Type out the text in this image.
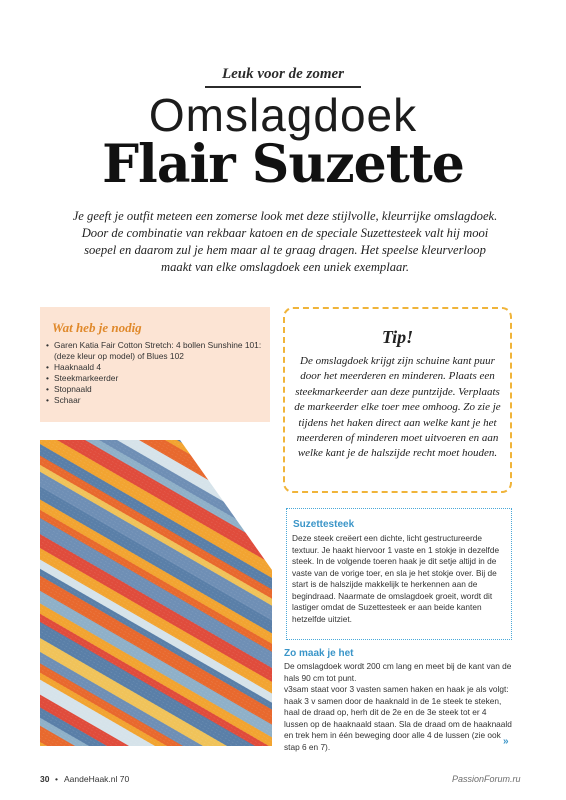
Leuk voor de zomer
Omslagdoek
Flair Suzette
Je geeft je outfit meteen een zomerse look met deze stijlvolle, kleurrijke omslagdoek. Door de combinatie van rekbaar katoen en de speciale Suzettesteek valt hij mooi soepel en daarom zul je hem maar al te graag dragen. Het speelse kleurverloop maakt van elke omslagdoek een uniek exemplaar.
Wat heb je nodig
• Garen Katia Fair Cotton Stretch: 4 bollen Sunshine 101:(deze kleur op model) of Blues 102
• Haaknaald 4
• Steekmarkeerder
• Stopnaald
• Schaar
Tip!
De omslagdoek krijgt zijn schuine kant puur door het meerderen en minderen. Plaats een steekmarkeerder aan deze puntzijde. Verplaats de markeerder elke toer mee omhoog. Zo zie je tijdens het haken direct aan welke kant je het meerderen of minderen moet uitvoeren en aan welke kant je de halszijde recht moet houden.
Suzettesteek
Deze steek creëert een dichte, licht gestructureerde textuur. Je haakt hiervoor 1 vaste en 1 stokje in dezelfde steek. In de volgende toeren haak je dit setje altijd in de vaste van de vorige toer, en sla je het stokje over. Bij de start is de halszijde makkelijk te herkennen aan de begindraad. Naarmate de omslagdoek groeit, wordt dit lastiger omdat de Suzettesteek er aan beide kanten hetzelfde uitziet.
Zo maak je het

De omslagdoek wordt 200 cm lang en meet bij de kant van de hals 90 cm tot punt.

v3sam staat voor 3 vasten samen haken en haak je als volgt: haak 3 v samen door de haaknald in de 1e steek te steken, haal de draad op, herh dit de 2e en de 3e steek tot er 4 lussen op de haaknaald staan. Sla de draad om de haaknaald en trek hem in één beweging door alle 4 de lussen (zie ook stap 6 en 7).	»
30 • AandeHaak.nl 70	PassionForum.ru
